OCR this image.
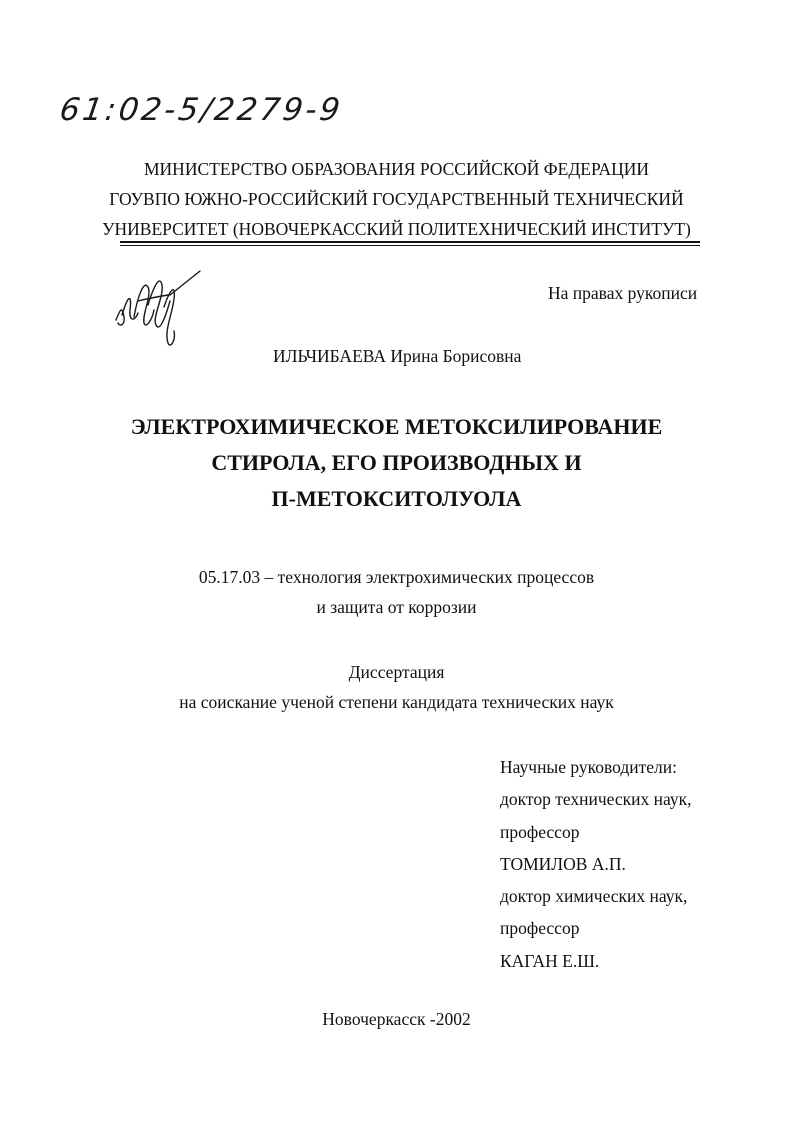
61:02-5/2279-9
МИНИСТЕРСТВО ОБРАЗОВАНИЯ РОССИЙСКОЙ ФЕДЕРАЦИИ
ГОУВПО ЮЖНО-РОССИЙСКИЙ ГОСУДАРСТВЕННЫЙ ТЕХНИЧЕСКИЙ
УНИВЕРСИТЕТ (НОВОЧЕРКАССКИЙ ПОЛИТЕХНИЧЕСКИЙ ИНСТИТУТ)
На правах рукописи
ИЛЬЧИБАЕВА Ирина Борисовна
ЭЛЕКТРОХИМИЧЕСКОЕ МЕТОКСИЛИРОВАНИЕ
СТИРОЛА, ЕГО ПРОИЗВОДНЫХ И
П-МЕТОКСИТОЛУОЛА
05.17.03 – технология электрохимических процессов
и защита от коррозии
Диссертация
на соискание ученой степени кандидата технических наук
Научные руководители:
доктор технических наук,
профессор
ТОМИЛОВ А.П.
доктор химических наук,
профессор
КАГАН Е.Ш.
Новочеркасск -2002
